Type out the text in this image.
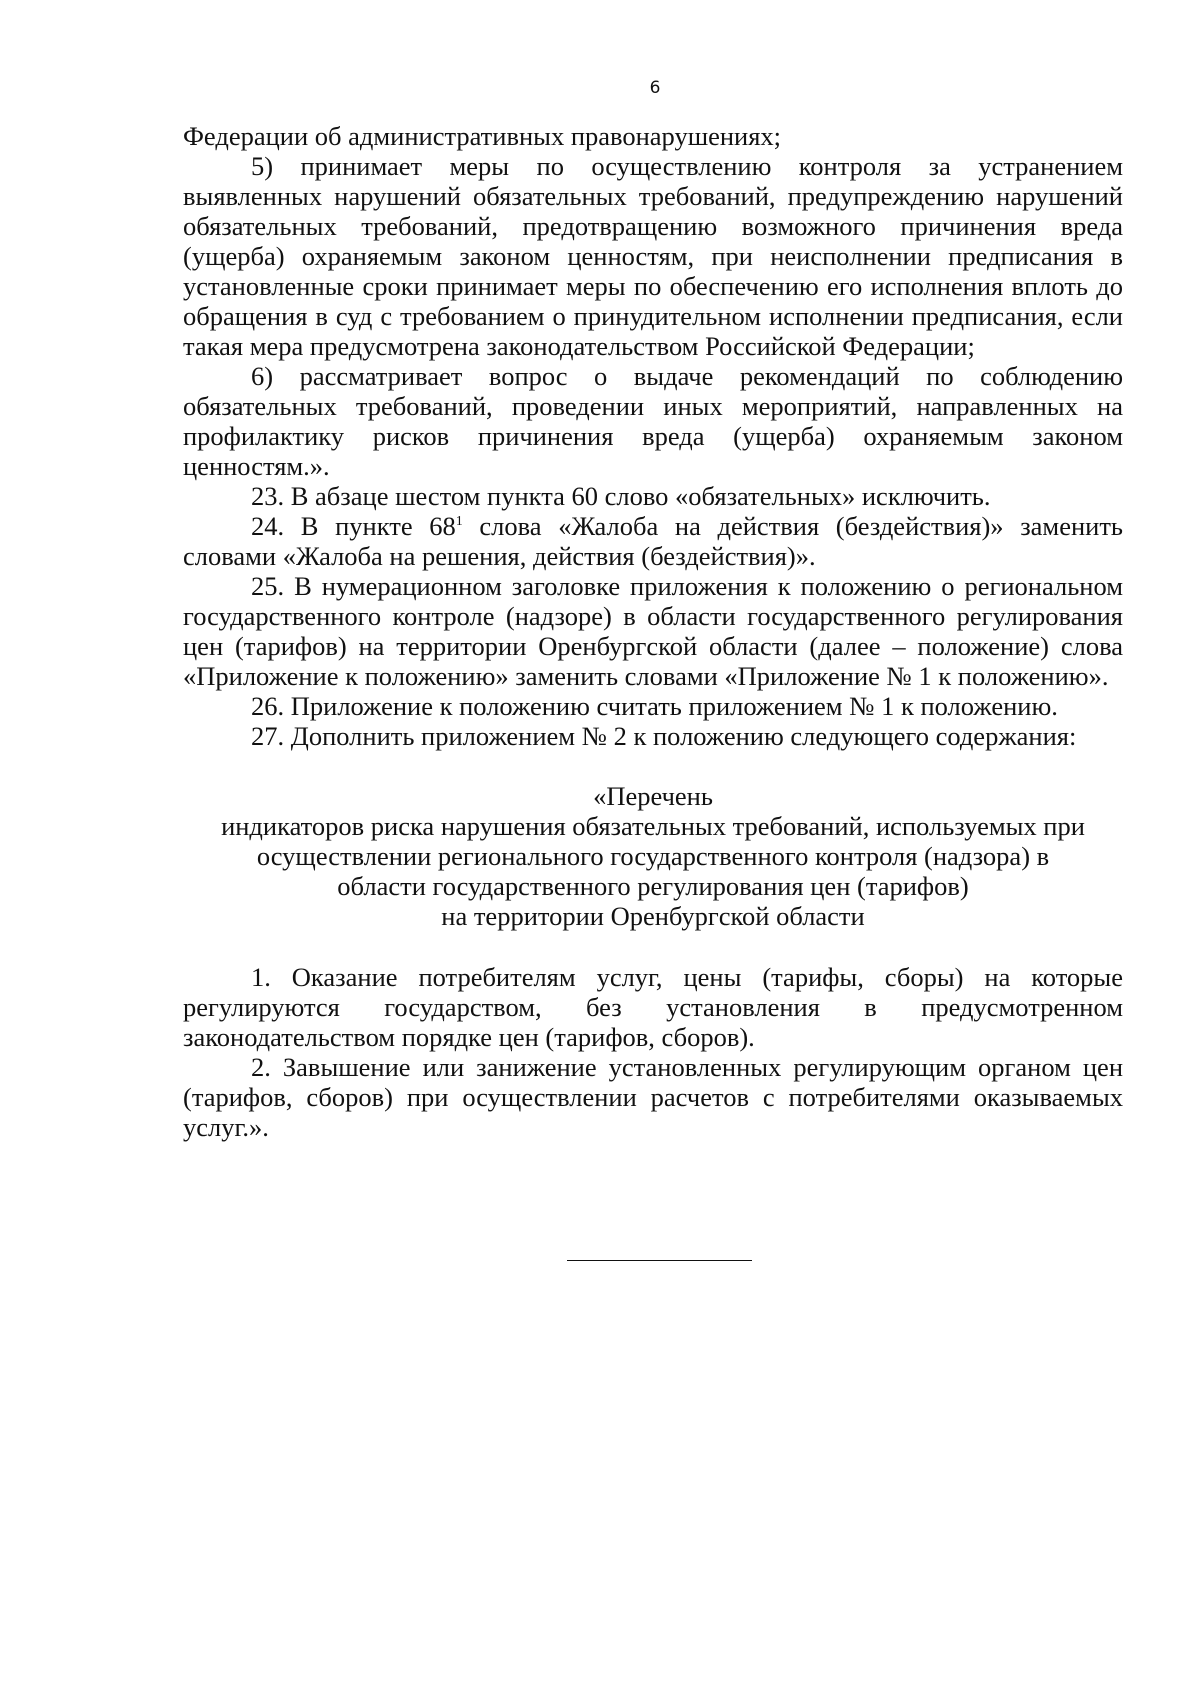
6

Федерации об административных правонарушениях;

5) принимает меры по осуществлению контроля за устранением выявленных нарушений обязательных требований, предупреждению нарушений обязательных требований, предотвращению возможного причинения вреда (ущерба) охраняемым законом ценностям, при неисполнении предписания в установленные сроки принимает меры по обеспечению его исполнения вплоть до обращения в суд с требованием о принудительном исполнении предписания, если такая мера предусмотрена законодательством Российской Федерации;

6) рассматривает вопрос о выдаче рекомендаций по соблюдению обязательных требований, проведении иных мероприятий, направленных на профилактику рисков причинения вреда (ущерба) охраняемым законом ценностям.».

23. В абзаце шестом пункта 60 слово «обязательных» исключить.

24. В пункте $68^1$ слова «Жалоба на действия (бездействия)» заменить словами «Жалоба на решения, действия (бездействия)».

25. В нумерационном заголовке приложения к положению о региональном государственного контроле (надзоре) в области государственного регулирования цен (тарифов) на территории Оренбургской области (далее – положение) слова «Приложение к положению» заменить словами «Приложение № 1 к положению».

26. Приложение к положению считать приложением № 1 к положению.

27. Дополнить приложением № 2 к положению следующего содержания:

«Перечень
индикаторов риска нарушения обязательных требований, используемых при
осуществлении регионального государственного контроля (надзора) в
области государственного регулирования цен (тарифов)
на территории Оренбургской области

1. Оказание потребителям услуг, цены (тарифы, сборы) на которые регулируются государством, без установления в предусмотренном законодательством порядке цен (тарифов, сборов).

2. Завышение или занижение установленных регулирующим органом цен (тарифов, сборов) при осуществлении расчетов с потребителями оказываемых услуг.».
